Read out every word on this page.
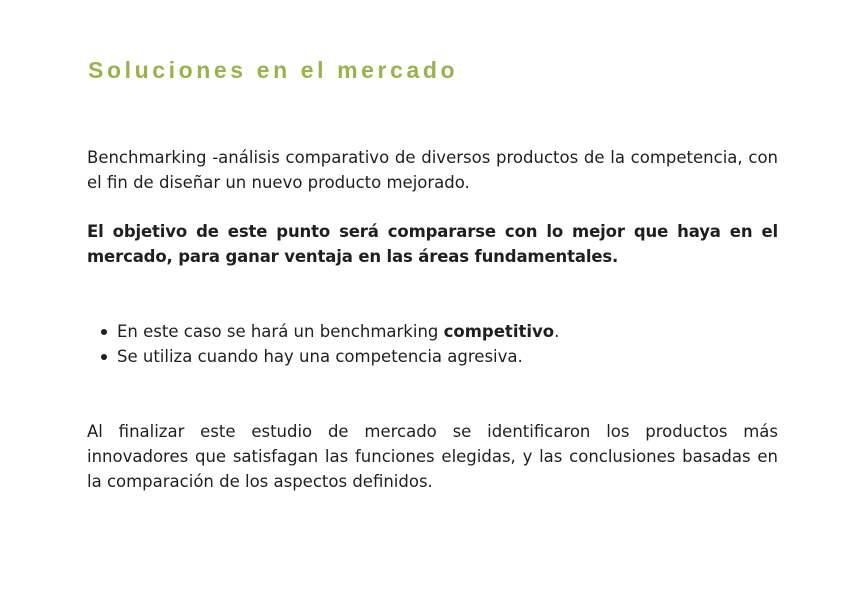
Soluciones en el mercado

Benchmarking -análisis comparativo de diversos productos de la competencia, con el fin de diseñar un nuevo producto mejorado.

El objetivo de este punto será compararse con lo mejor que haya en el mercado, para ganar ventaja en las áreas fundamentales.

En este caso se hará un benchmarking competitivo.
Se utiliza cuando hay una competencia agresiva.

Al finalizar este estudio de mercado se identificaron los productos más innovadores que satisfagan las funciones elegidas, y las conclusiones basadas en la comparación de los aspectos definidos.
